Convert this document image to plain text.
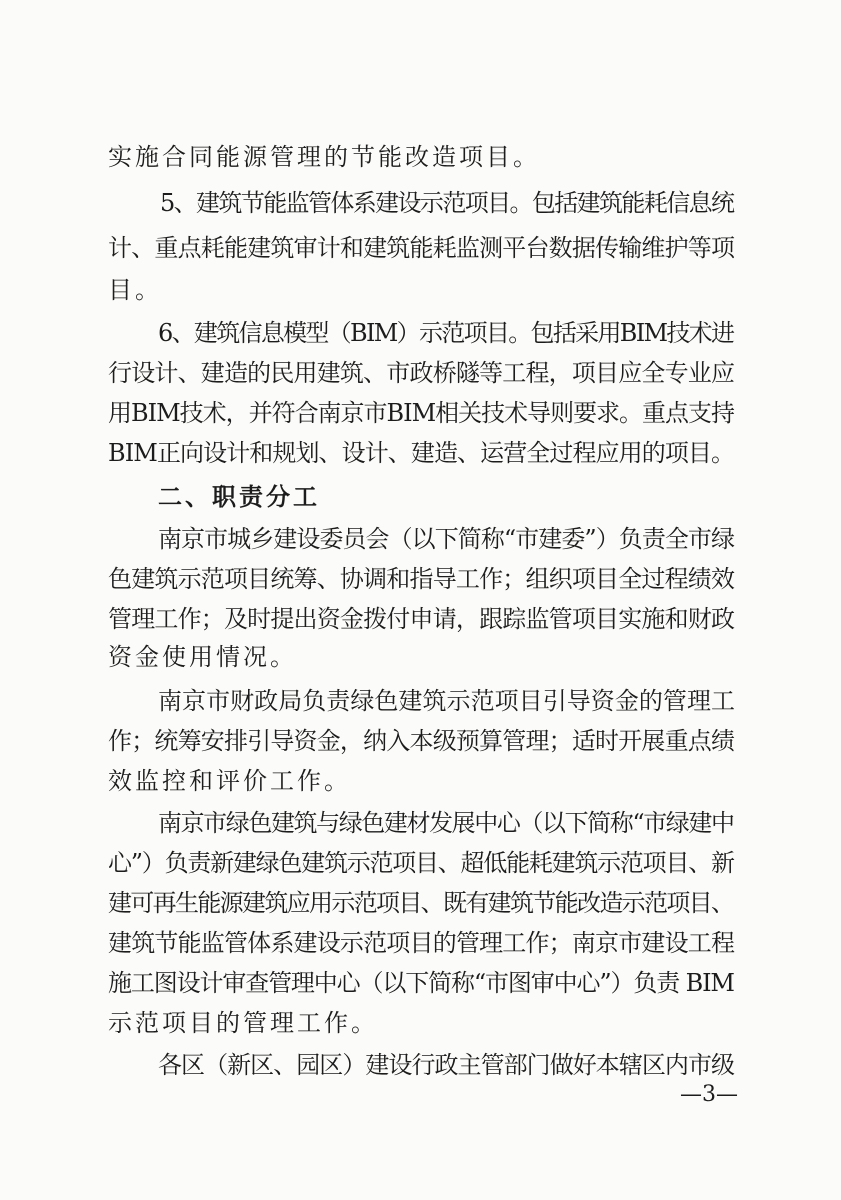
实施合同能源管理的节能改造项目。
5、建筑节能监管体系建设示范项目。包括建筑能耗信息统
计、重点耗能建筑审计和建筑能耗监测平台数据传输维护等项
目。
6、建筑信息模型（BIM）示范项目。包括采用BIM技术进
行设计、建造的民用建筑、市政桥隧等工程，项目应全专业应
用BIM技术，并符合南京市BIM相关技术导则要求。重点支持
BIM正向设计和规划、设计、建造、运营全过程应用的项目。
二、职责分工
南京市城乡建设委员会（以下简称“市建委”）负责全市绿
色建筑示范项目统筹、协调和指导工作；组织项目全过程绩效
管理工作；及时提出资金拨付申请，跟踪监管项目实施和财政
资金使用情况。
南京市财政局负责绿色建筑示范项目引导资金的管理工
作；统筹安排引导资金，纳入本级预算管理；适时开展重点绩
效监控和评价工作。
南京市绿色建筑与绿色建材发展中心（以下简称“市绿建中
心”）负责新建绿色建筑示范项目、超低能耗建筑示范项目、新
建可再生能源建筑应用示范项目、既有建筑节能改造示范项目、
建筑节能监管体系建设示范项目的管理工作；南京市建设工程
施工图设计审查管理中心（以下简称“市图审中心”）负责 BIM
示范项目的管理工作。
各区（新区、园区）建设行政主管部门做好本辖区内市级
—3—
